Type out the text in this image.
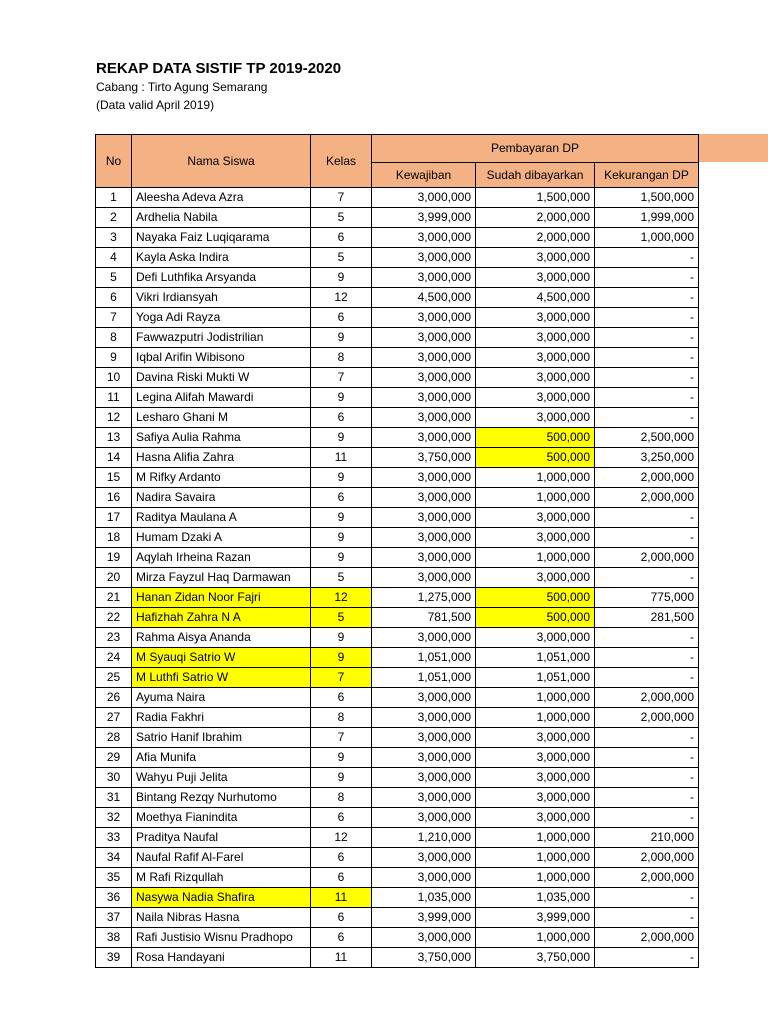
REKAP DATA SISTIF TP 2019-2020

Cabang : Tirto Agung Semarang

(Data valid April 2019)

No	Nama Siswa	Kelas	Pembayaran DP		
			Kewajiban	Sudah dibayarkan	Kekurangan DP
1	Aleesha Adeva Azra	7	3,000,000	1,500,000	1,500,000
2	Ardhelia Nabila	5	3,999,000	2,000,000	1,999,000
3	Nayaka Faiz Luqiqarama	6	3,000,000	2,000,000	1,000,000
4	Kayla Aska Indira	5	3,000,000	3,000,000	-
5	Defi Luthfika Arsyanda	9	3,000,000	3,000,000	-
6	Vikri Irdiansyah	12	4,500,000	4,500,000	-
7	Yoga Adi Rayza	6	3,000,000	3,000,000	-
8	Fawwazputri Jodistrilian	9	3,000,000	3,000,000	-
9	Iqbal Arifin Wibisono	8	3,000,000	3,000,000	-
10	Davina Riski Mukti W	7	3,000,000	3,000,000	-
11	Legina Alifah Mawardi	9	3,000,000	3,000,000	-
12	Lesharo Ghani M	6	3,000,000	3,000,000	-
13	Safiya Aulia Rahma	9	3,000,000	500,000	2,500,000
14	Hasna Alifia Zahra	11	3,750,000	500,000	3,250,000
15	M Rifky Ardanto	9	3,000,000	1,000,000	2,000,000
16	Nadira Savaira	6	3,000,000	1,000,000	2,000,000
17	Raditya Maulana A	9	3,000,000	3,000,000	-
18	Humam Dzaki A	9	3,000,000	3,000,000	-
19	Aqylah Irheina Razan	9	3,000,000	1,000,000	2,000,000
20	Mirza Fayzul Haq Darmawan	5	3,000,000	3,000,000	-
21	Hanan Zidan Noor Fajri	12	1,275,000	500,000	775,000
22	Hafizhah Zahra N A	5	781,500	500,000	281,500
23	Rahma Aisya Ananda	9	3,000,000	3,000,000	-
24	M Syauqi Satrio W	9	1,051,000	1,051,000	-
25	M Luthfi Satrio W	7	1,051,000	1,051,000	-
26	Ayuma Naira	6	3,000,000	1,000,000	2,000,000
27	Radia Fakhri	8	3,000,000	1,000,000	2,000,000
28	Satrio Hanif Ibrahim	7	3,000,000	3,000,000	-
29	Afia Munifa	9	3,000,000	3,000,000	-
30	Wahyu Puji Jelita	9	3,000,000	3,000,000	-
31	Bintang Rezqy Nurhutomo	8	3,000,000	3,000,000	-
32	Moethya Fianindita	6	3,000,000	3,000,000	-
33	Praditya Naufal	12	1,210,000	1,000,000	210,000
34	Naufal Rafif Al-Farel	6	3,000,000	1,000,000	2,000,000
35	M Rafi Rizqullah	6	3,000,000	1,000,000	2,000,000
36	Nasywa Nadia Shafira	11	1,035,000	1,035,000	-
37	Naila Nibras Hasna	6	3,999,000	3,999,000	-
38	Rafi Justisio Wisnu Pradhopo	6	3,000,000	1,000,000	2,000,000
39	Rosa Handayani	11	3,750,000	3,750,000	-
